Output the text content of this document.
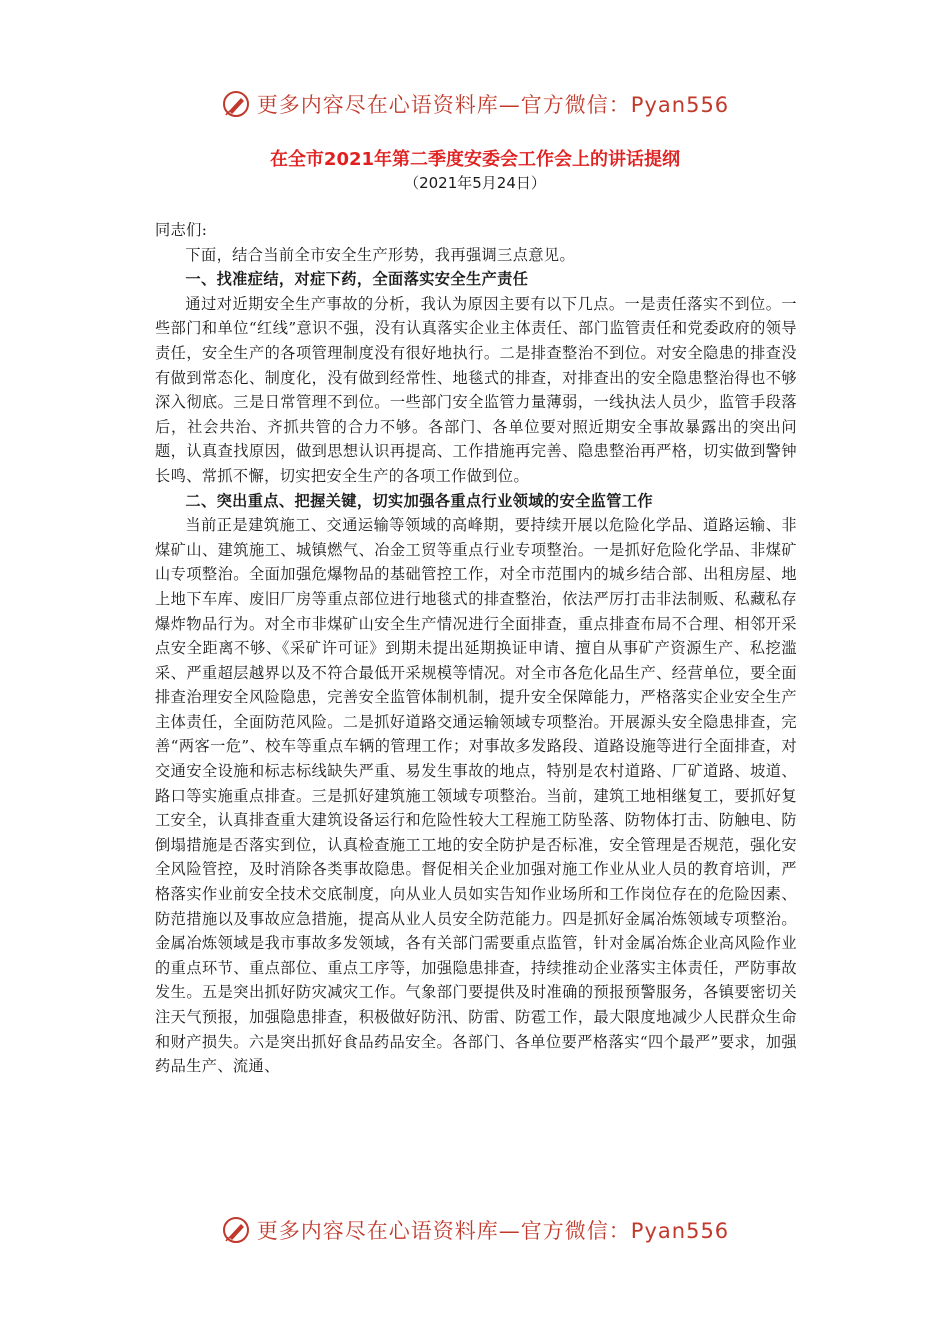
更多内容尽在心语资料库—官方微信：Pyan556
在全市2021年第二季度安委会工作会上的讲话提纲
（2021年5月24日）

同志们:

下面，结合当前全市安全生产形势，我再强调三点意见。

一、找准症结，对症下药，全面落实安全生产责任

通过对近期安全生产事故的分析，我认为原因主要有以下几点。一是责任落实不到位。一些部门和单位“红线”意识不强，没有认真落实企业主体责任、部门监管责任和党委政府的领导责任，安全生产的各项管理制度没有很好地执行。二是排查整治不到位。对安全隐患的排查没有做到常态化、制度化，没有做到经常性、地毯式的排查，对排查出的安全隐患整治得也不够深入彻底。三是日常管理不到位。一些部门安全监管力量薄弱，一线执法人员少，监管手段落后，社会共治、齐抓共管的合力不够。各部门、各单位要对照近期安全事故暴露出的突出问题，认真查找原因，做到思想认识再提高、工作措施再完善、隐患整治再严格，切实做到警钟长鸣、常抓不懈，切实把安全生产的各项工作做到位。

二、突出重点、把握关键，切实加强各重点行业领域的安全监管工作

当前正是建筑施工、交通运输等领域的高峰期，要持续开展以危险化学品、道路运输、非煤矿山、建筑施工、城镇燃气、冶金工贸等重点行业专项整治。一是抓好危险化学品、非煤矿山专项整治。全面加强危爆物品的基础管控工作，对全市范围内的城乡结合部、出租房屋、地上地下车库、废旧厂房等重点部位进行地毯式的排查整治，依法严厉打击非法制贩、私藏私存爆炸物品行为。对全市非煤矿山安全生产情况进行全面排查，重点排查布局不合理、相邻开采点安全距离不够、《采矿许可证》到期未提出延期换证申请、擅自从事矿产资源生产、私挖滥采、严重超层越界以及不符合最低开采规模等情况。对全市各危化品生产、经营单位，要全面排查治理安全风险隐患，完善安全监管体制机制，提升安全保障能力，严格落实企业安全生产主体责任，全面防范风险。二是抓好道路交通运输领域专项整治。开展源头安全隐患排查，完善“两客一危”、校车等重点车辆的管理工作；对事故多发路段、道路设施等进行全面排查，对交通安全设施和标志标线缺失严重、易发生事故的地点，特别是农村道路、厂矿道路、坡道、路口等实施重点排查。三是抓好建筑施工领域专项整治。当前，建筑工地相继复工，要抓好复工安全，认真排查重大建筑设备运行和危险性较大工程施工防坠落、防物体打击、防触电、防倒塌措施是否落实到位，认真检查施工工地的安全防护是否标准，安全管理是否规范，强化安全风险管控，及时消除各类事故隐患。督促相关企业加强对施工作业从业人员的教育培训，严格落实作业前安全技术交底制度，向从业人员如实告知作业场所和工作岗位存在的危险因素、防范措施以及事故应急措施，提高从业人员安全防范能力。四是抓好金属冶炼领域专项整治。金属冶炼领域是我市事故多发领域，各有关部门需要重点监管，针对金属冶炼企业高风险作业的重点环节、重点部位、重点工序等，加强隐患排查，持续推动企业落实主体责任，严防事故发生。五是突出抓好防灾减灾工作。气象部门要提供及时准确的预报预警服务，各镇要密切关注天气预报，加强隐患排查，积极做好防汛、防雷、防雹工作，最大限度地减少人民群众生命和财产损失。六是突出抓好食品药品安全。各部门、各单位要严格落实“四个最严”要求，加强药品生产、流通、

更多内容尽在心语资料库—官方微信：Pyan556
